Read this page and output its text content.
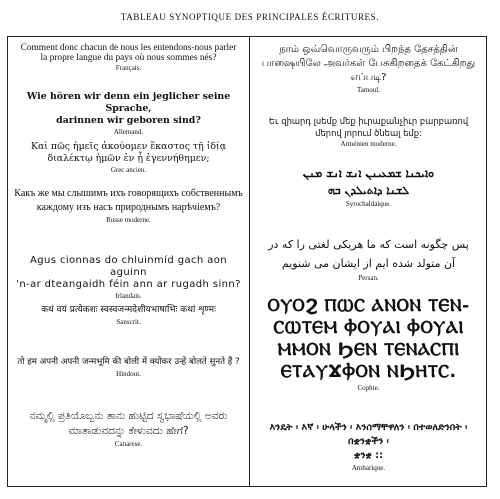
TABLEAU SYNOPTIQUE DES PRINCIPALES ÉCRITURES.
Comment donc chacun de nous les entendons-nous parler
la propre langue du pays où nous sommes nés?
Français.
Wie hören wir denn ein jeglicher seine Sprache,
darinnen wir geboren sind?
Allemand.
Καὶ πῶς ἡμεῖς ἀκούομεν ἕκαστος τῇ ἰδίᾳ διαλέκτῳ ἡμῶν ἐν ᾗ ἐγεννήθημεν;
Grec ancien.
Какъ же мы слышимъ ихъ говорящихъ собственнымъ каждому изъ насъ природнымъ нарѣчіемъ?
Russe moderne.
Agus cionnas do chluinmíd gach aon aguinn
'n-ar dteangaidh féin ann ar rugadh sinn?
Irlandais.
कथं वयं प्रत्येकशः स्वस्वजन्मदेशीयभाषाभिः कथां शृण्मः
Sanscrit.
तो हम अपनी अपनी जन्मभूमि की बोली में क्योंकर उन्हें बोलते सुनते हैं ?
Hindoui.
ನಮ್ಮಲ್ಲಿ ಪ್ರತಿಯೊಬ್ಬನು ತಾನು ಹುಟ್ಟಿದ ಸ್ವಭಾಷೆಯಲ್ಲಿ ಅವರು ಮಾತಾಡುವದನ್ನು ಕೇಳುವದು ಹೇಗೆ?
Canarese.
நாம் ஒவ்வொருவரும் பிறந்த தேசத்தின் பாஷையிலே அவர்கள் பேசுகிறதைக் கேட்கிறது எப்படி?
Tamoul.
Եւ զիարդ լսեմք մեք իւրաքանչիւր բարբառով
մերով յորում ծնեալ եմք:
Arménien moderne.
ܘܐܝܟܢܐ ܫܡܥܝܢܢ ܐܢܫ ܐܢܫ ܡܢܢ
ܠܫܢܐ ܕܐܬܝܠܕܢ ܒܗ
Syrochaldaïque.
پس چگونه است که ما هریکی لغتی را که در
آن متولد شده ایم از ایشان می شنویم
Persan.
ⲞⲨⲞϨ ⲠⲰⲤ ⲀⲚⲞⲚ ⲦⲈⲚ-
ⲤⲰⲦⲈⲘ ⲪⲞⲨⲀⲒ ⲪⲞⲨⲀⲒ
ⲘⲘⲞⲚ ϦⲈⲚ ⲦⲈⲚⲀⲤⲠⲒ
ⲈⲦⲀⲨϪⲪⲞⲚ ⲚϦⲎⲦⲤ.
Cophte.
እንዴት ፡ እኛ ፡ ሁላችን ፡ እንሰማቸዋለን ፡ በተወለድንበት ፡ በቋንቋችን ፡
ቋንቋ ::
Amharique.
